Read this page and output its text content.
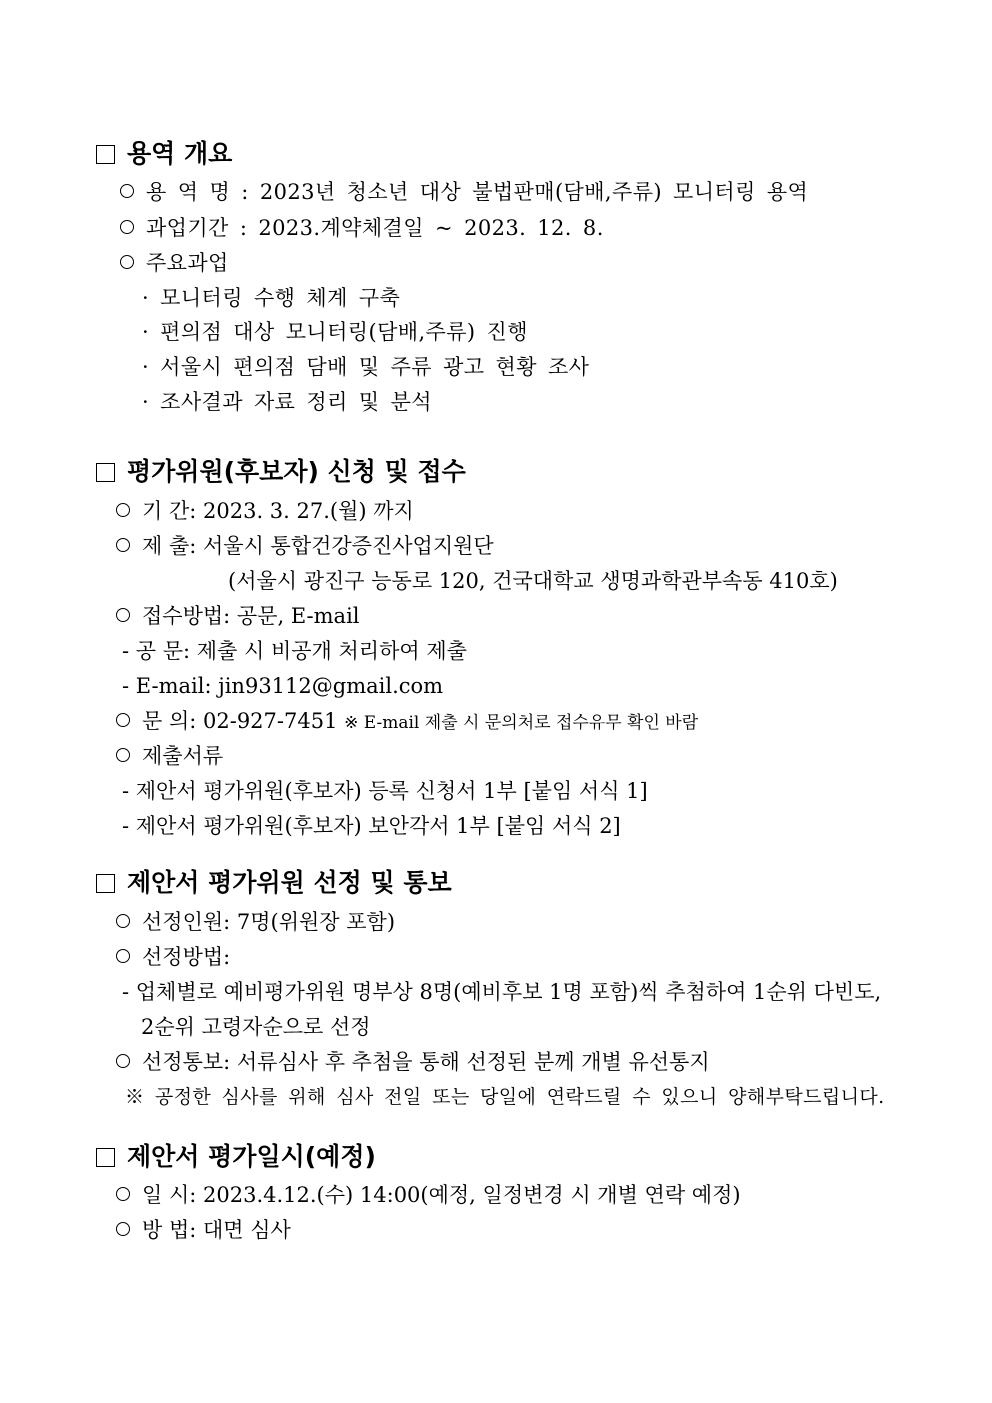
용역 개요
용 역 명 : 2023년 청소년 대상 불법판매(담배,주류) 모니터링 용역
과업기간 : 2023.계약체결일 ~ 2023. 12. 8.
주요과업
· 모니터링 수행 체계 구축
· 편의점 대상 모니터링(담배,주류) 진행
· 서울시 편의점 담배 및 주류 광고 현황 조사
· 조사결과 자료 정리 및 분석
평가위원(후보자) 신청 및 접수
기 간: 2023. 3. 27.(월) 까지
제 출: 서울시 통합건강증진사업지원단
(서울시 광진구 능동로 120, 건국대학교 생명과학관부속동 410호)
접수방법: 공문, E-mail
- 공 문: 제출 시 비공개 처리하여 제출
- E-mail: jin93112@gmail.com
문 의: 02-927-7451 ※ E-mail 제출 시 문의처로 접수유무 확인 바람
제출서류
- 제안서 평가위원(후보자) 등록 신청서 1부 [붙임 서식 1]
- 제안서 평가위원(후보자) 보안각서 1부 [붙임 서식 2]
제안서 평가위원 선정 및 통보
선정인원: 7명(위원장 포함)
선정방법:
- 업체별로 예비평가위원 명부상 8명(예비후보 1명 포함)씩 추첨하여 1순위 다빈도,
2순위 고령자순으로 선정
선정통보: 서류심사 후 추첨을 통해 선정된 분께 개별 유선통지
※ 공정한 심사를 위해 심사 전일 또는 당일에 연락드릴 수 있으니 양해부탁드립니다.
제안서 평가일시(예정)
일 시: 2023.4.12.(수) 14:00(예정, 일정변경 시 개별 연락 예정)
방 법: 대면 심사
